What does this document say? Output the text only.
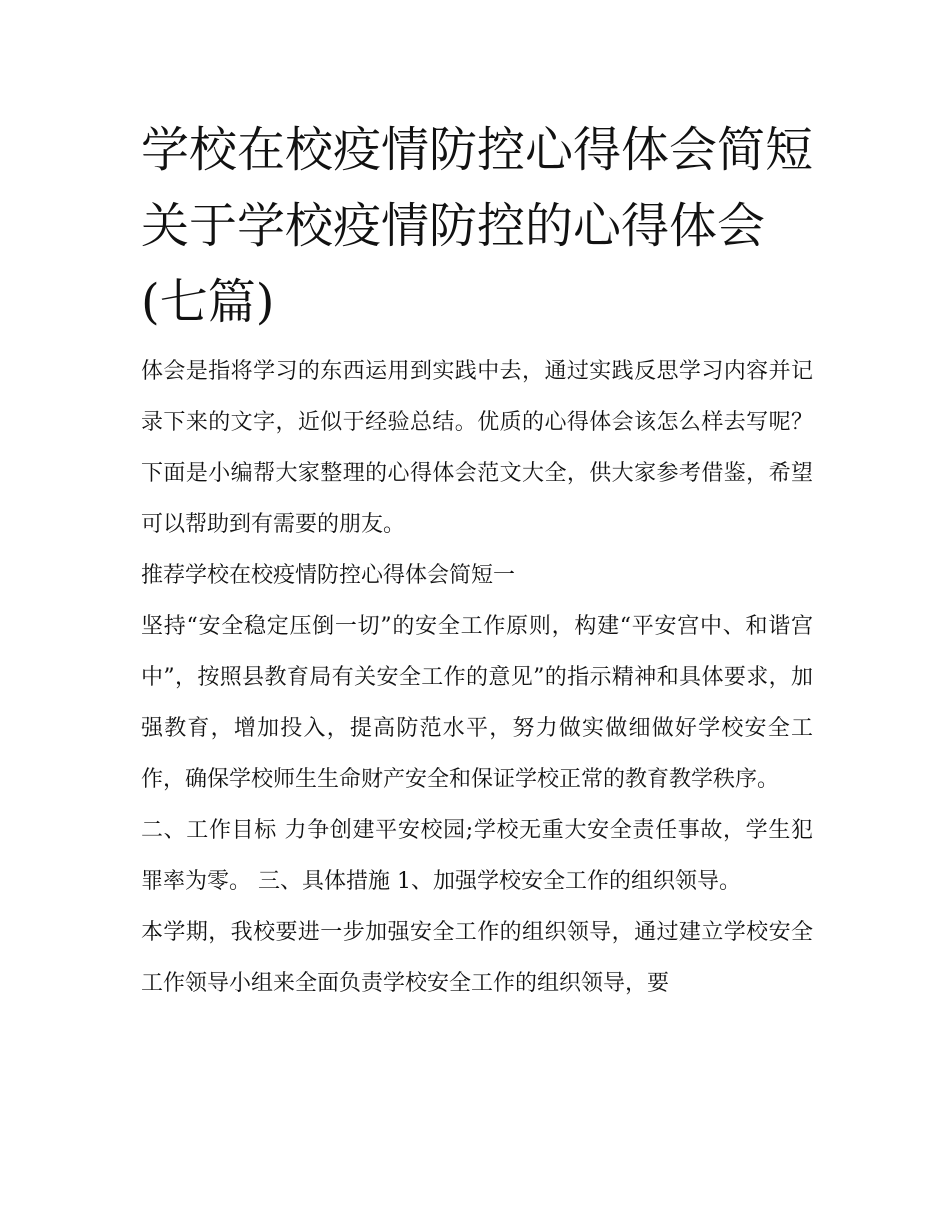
学校在校疫情防控心得体会简短 关于学校疫情防控的心得体会(七篇)

体会是指将学习的东西运用到实践中去，通过实践反思学习内容并记录下来的文字，近似于经验总结。优质的心得体会该怎么样去写呢？下面是小编帮大家整理的心得体会范文大全，供大家参考借鉴，希望可以帮助到有需要的朋友。

推荐学校在校疫情防控心得体会简短一

坚持“安全稳定压倒一切”的安全工作原则，构建“平安宫中、和谐宫中”，按照县教育局有关安全工作的意见”的指示精神和具体要求，加强教育，增加投入，提高防范水平，努力做实做细做好学校安全工作，确保学校师生生命财产安全和保证学校正常的教育教学秩序。

二、工作目标 力争创建平安校园;学校无重大安全责任事故，学生犯罪率为零。 三、具体措施 1、加强学校安全工作的组织领导。

本学期，我校要进一步加强安全工作的组织领导，通过建立学校安全工作领导小组来全面负责学校安全工作的组织领导，要
